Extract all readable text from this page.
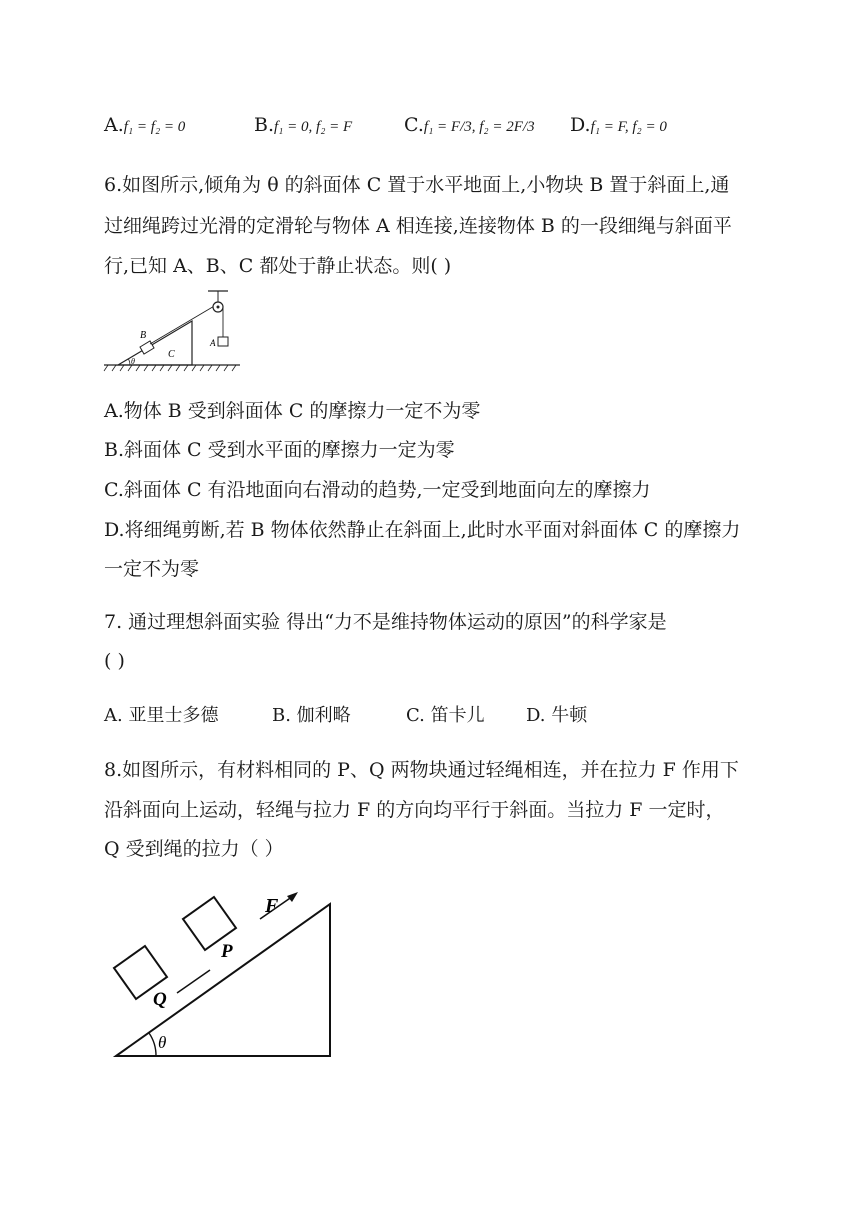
A.f₁ = f₂ = 0	B.f₁ = 0, f₂ = F	C.f₁ = F/3, f₂ = 2F/3 D.f₁ = F, f₂ = 0
6.如图所示,倾角为 θ 的斜面体 C 置于水平地面上,小物块 B 置于斜面上,通
过细绳跨过光滑的定滑轮与物体 A 相连接,连接物体 B 的一段细绳与斜面平
行,已知 A、B、C 都处于静止状态。则( )
B
C
A
θ
A.物体 B 受到斜面体 C 的摩擦力一定不为零
B.斜面体 C 受到水平面的摩擦力一定为零
C.斜面体 C 有沿地面向右滑动的趋势,一定受到地面向左的摩擦力
D.将细绳剪断,若 B 物体依然静止在斜面上,此时水平面对斜面体 C 的摩擦力
一定不为零
7. 通过理想斜面实验 得出“力不是维持物体运动的原因”的科学家是
( )
A. 亚里士多德	B. 伽利略	C. 笛卡儿 D. 牛顿
8.如图所示，有材料相同的 P、Q 两物块通过轻绳相连，并在拉力 F 作用下
沿斜面向上运动，轻绳与拉力 F 的方向均平行于斜面。当拉力 F 一定时，
Q 受到绳的拉力（ ）
F
P
Q
θ
